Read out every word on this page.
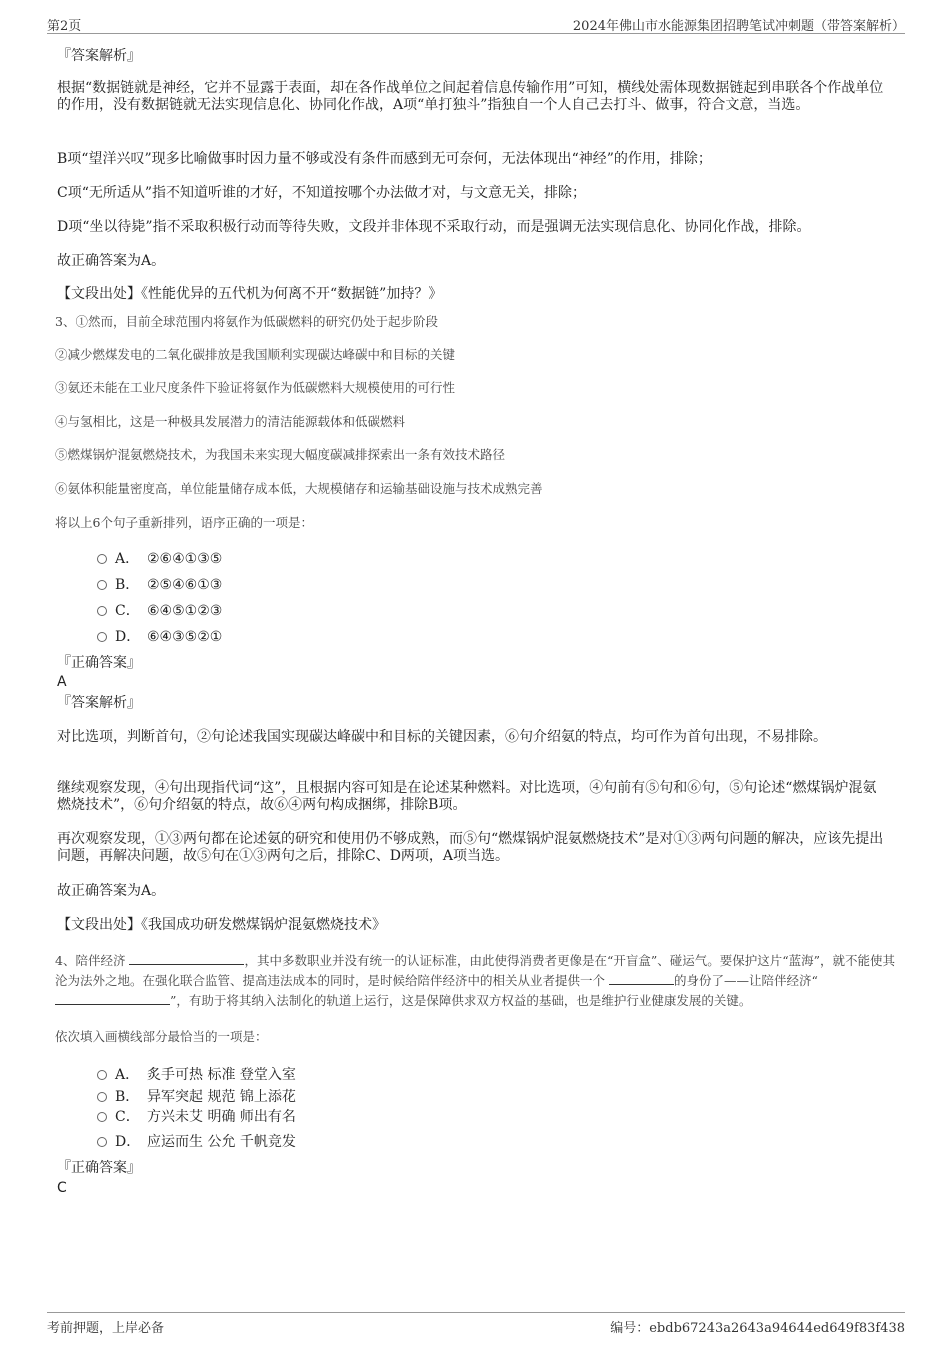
第2页	2024年佛山市水能源集团招聘笔试冲刺题（带答案解析）
『答案解析』
根据“数据链就是神经，它并不显露于表面，却在各作战单位之间起着信息传输作用”可知，横线处需体现数据链起到串联各个作战单位的作用，没有数据链就无法实现信息化、协同化作战，A项“单打独斗”指独自一个人自己去打斗、做事，符合文意，当选。
B项“望洋兴叹”现多比喻做事时因力量不够或没有条件而感到无可奈何，无法体现出“神经”的作用，排除；
C项“无所适从”指不知道听谁的才好，不知道按哪个办法做才对，与文意无关，排除；
D项“坐以待毙”指不采取积极行动而等待失败，文段并非体现不采取行动，而是强调无法实现信息化、协同化作战，排除。
故正确答案为A。
【文段出处】《性能优异的五代机为何离不开“数据链”加持？》
3、①然而，目前全球范围内将氨作为低碳燃料的研究仍处于起步阶段
②减少燃煤发电的二氧化碳排放是我国顺利实现碳达峰碳中和目标的关键
③氨还未能在工业尺度条件下验证将氨作为低碳燃料大规模使用的可行性
④与氢相比，这是一种极具发展潜力的清洁能源载体和低碳燃料
⑤燃煤锅炉混氨燃烧技术，为我国未来实现大幅度碳减排探索出一条有效技术路径
⑥氨体积能量密度高，单位能量储存成本低，大规模储存和运输基础设施与技术成熟完善
将以上6个句子重新排列，语序正确的一项是：
A． ②⑥④①③⑤
B． ②⑤④⑥①③
C． ⑥④⑤①②③
D． ⑥④③⑤②①
『正确答案』
A
『答案解析』
对比选项，判断首句，②句论述我国实现碳达峰碳中和目标的关键因素，⑥句介绍氨的特点，均可作为首句出现，不易排除。
继续观察发现，④句出现指代词“这”，且根据内容可知是在论述某种燃料。对比选项，④句前有⑤句和⑥句，⑤句论述“燃煤锅炉混氨燃烧技术”，⑥句介绍氨的特点，故⑥④两句构成捆绑，排除B项。
再次观察发现，①③两句都在论述氨的研究和使用仍不够成熟，而⑤句“燃煤锅炉混氨燃烧技术”是对①③两句问题的解决，应该先提出问题，再解决问题，故⑤句在①③两句之后，排除C、D两项，A项当选。
故正确答案为A。
【文段出处】《我国成功研发燃煤锅炉混氨燃烧技术》
4、陪伴经济	，其中多数职业并没有统一的认证标准，由此使得消费者更像是在“开盲盒”、碰运气。要保护这片“蓝海”，就不能使其沦为法外之地。在强化联合监管、提高违法成本的同时，是时候给陪伴经济中的相关从业者提供一个	的身份了——让陪伴经济“
”，有助于将其纳入法制化的轨道上运行，这是保障供求双方权益的基础，也是维护行业健康发展的关键。
依次填入画横线部分最恰当的一项是：
A． 炙手可热 标准 登堂入室
B． 异军突起 规范 锦上添花
C． 方兴未艾 明确 师出有名
D． 应运而生 公允 千帆竞发
『正确答案』
C
考前押题，上岸必备	编号：ebdb67243a2643a94644ed649f83f438
